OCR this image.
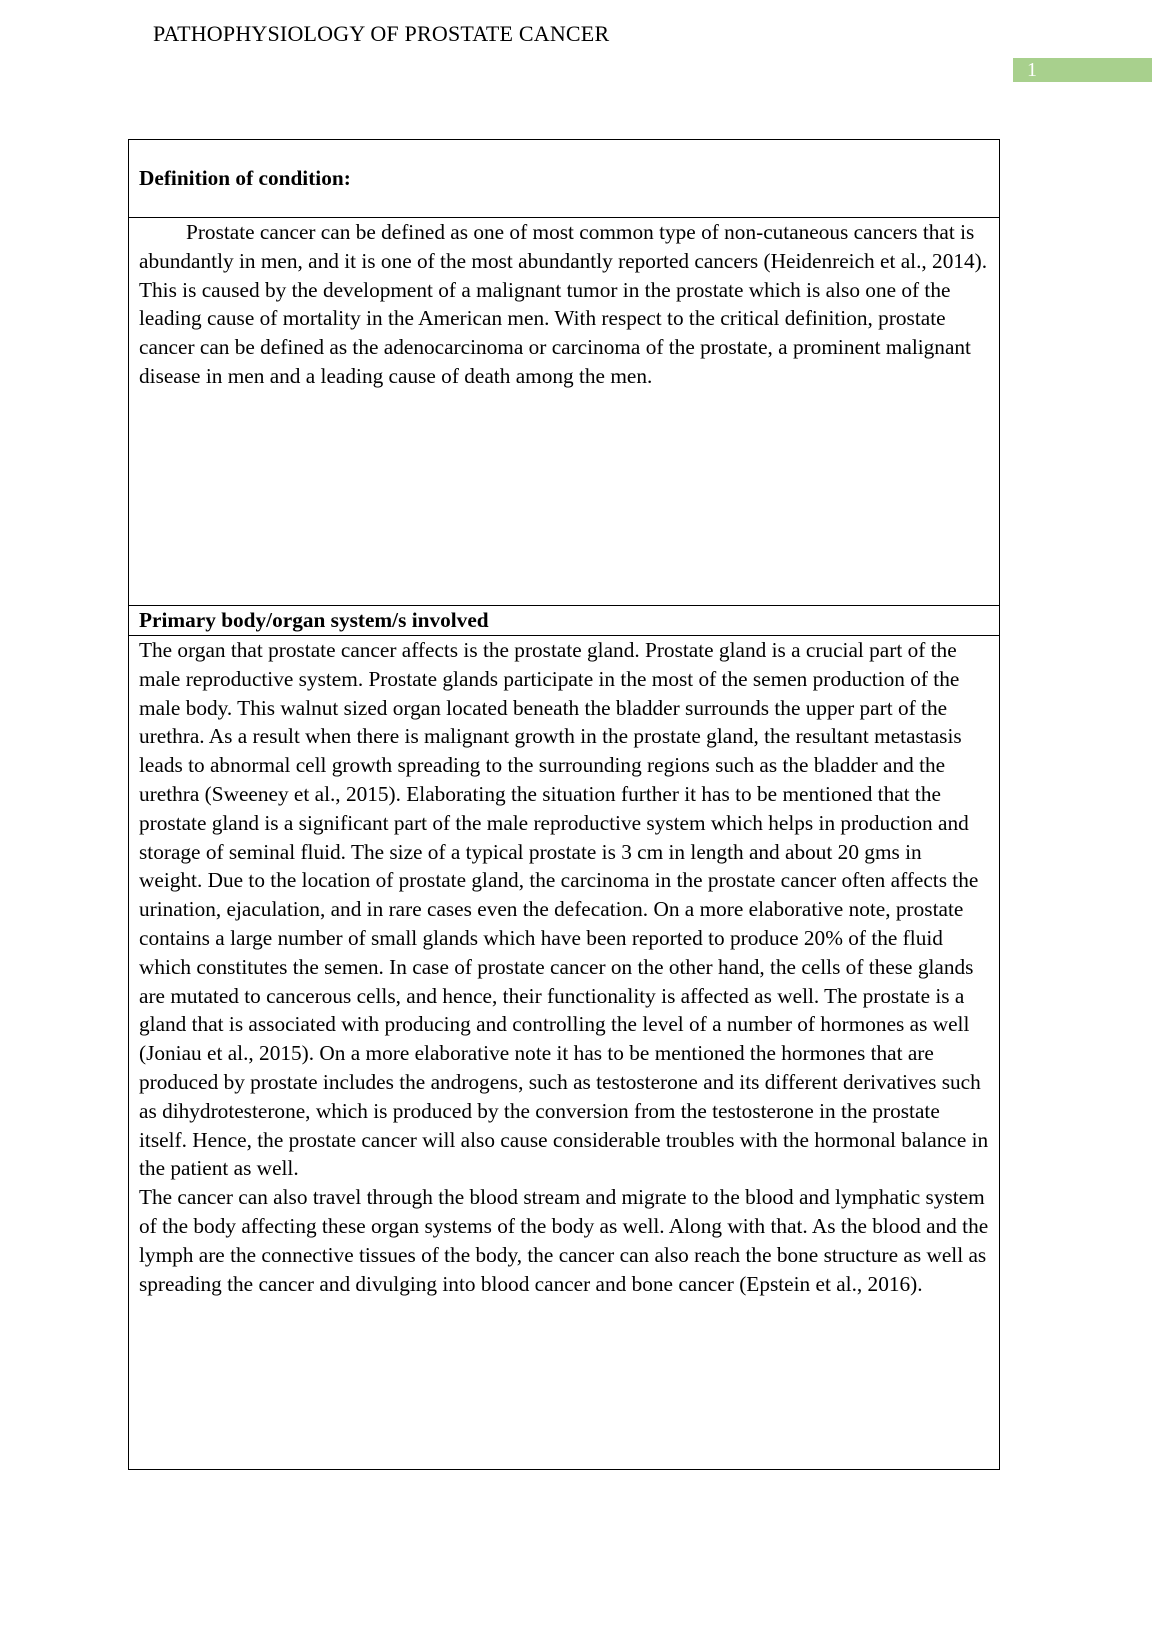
PATHOPHYSIOLOGY OF PROSTATE CANCER
1
Definition of condition:

Prostate cancer can be defined as one of most common type of non-cutaneous cancers that is abundantly in men, and it is one of the most abundantly reported cancers (Heidenreich et al., 2014). This is caused by the development of a malignant tumor in the prostate which is also one of the leading cause of mortality in the American men. With respect to the critical definition, prostate cancer can be defined as the adenocarcinoma or carcinoma of the prostate, a prominent malignant disease in men and a leading cause of death among the men.

Primary body/organ system/s involved

The organ that prostate cancer affects is the prostate gland. Prostate gland is a crucial part of the male reproductive system. Prostate glands participate in the most of the semen production of the male body. This walnut sized organ located beneath the bladder surrounds the upper part of the urethra. As a result when there is malignant growth in the prostate gland, the resultant metastasis leads to abnormal cell growth spreading to the surrounding regions such as the bladder and the urethra (Sweeney et al., 2015). Elaborating the situation further it has to be mentioned that the prostate gland is a significant part of the male reproductive system which helps in production and storage of seminal fluid. The size of a typical prostate is 3 cm in length and about 20 gms in weight. Due to the location of prostate gland, the carcinoma in the prostate cancer often affects the urination, ejaculation, and in rare cases even the defecation. On a more elaborative note, prostate contains a large number of small glands which have been reported to produce 20% of the fluid which constitutes the semen. In case of prostate cancer on the other hand, the cells of these glands are mutated to cancerous cells, and hence, their functionality is affected as well. The prostate is a gland that is associated with producing and controlling the level of a number of hormones as well (Joniau et al., 2015). On a more elaborative note it has to be mentioned the hormones that are produced by prostate includes the androgens, such as testosterone and its different derivatives such as dihydrotesterone, which is produced by the conversion from the testosterone in the prostate itself. Hence, the prostate cancer will also cause considerable troubles with the hormonal balance in the patient as well.

The cancer can also travel through the blood stream and migrate to the blood and lymphatic system of the body affecting these organ systems of the body as well. Along with that. As the blood and the lymph are the connective tissues of the body, the cancer can also reach the bone structure as well as spreading the cancer and divulging into blood cancer and bone cancer (Epstein et al., 2016).
